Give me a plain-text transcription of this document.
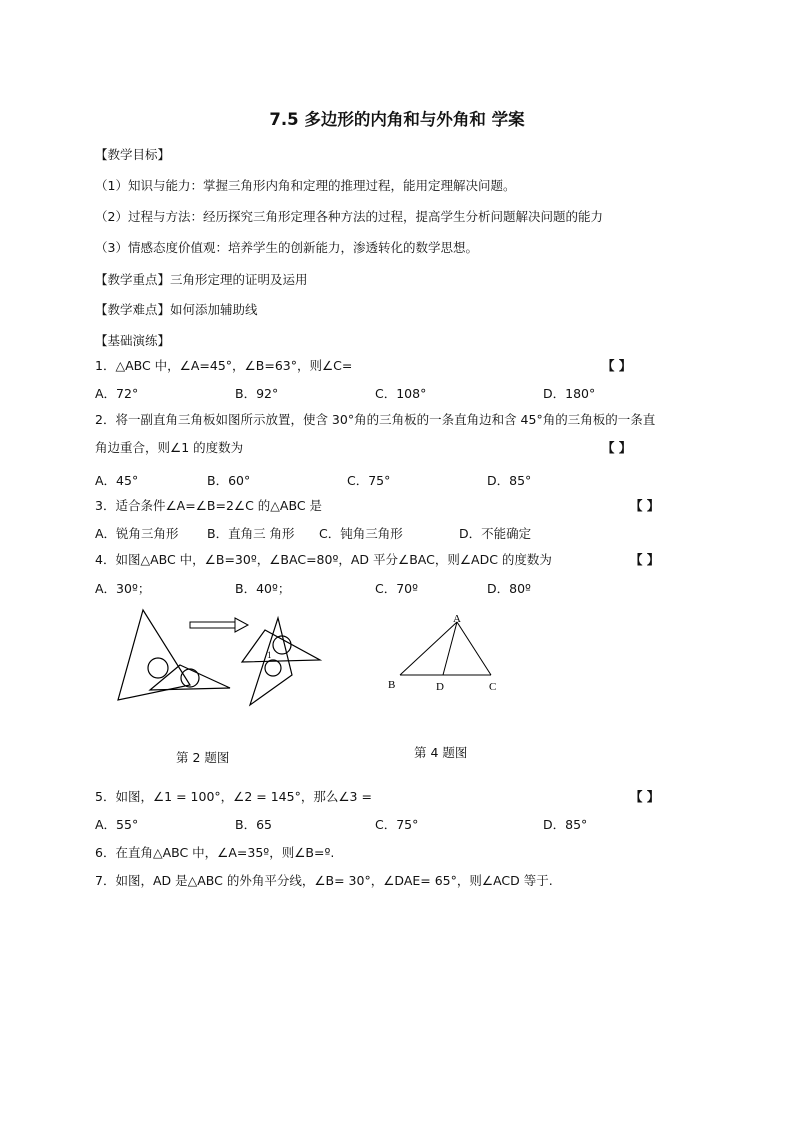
7.5 多边形的内角和与外角和 学案
【教学目标】
（1）知识与能力：掌握三角形内角和定理的推理过程，能用定理解决问题。
（2）过程与方法：经历探究三角形定理各种方法的过程，提高学生分析问题解决问题的能力
（3）情感态度价值观：培养学生的创新能力，渗透转化的数学思想。
【教学重点】三角形定理的证明及运用
【教学难点】如何添加辅助线
【基础演练】
1．△ABC 中，∠A=45°，∠B=63°，则∠C=	【 】
A．72°	B．92°	C．108°	D．180°
2．将一副直角三角板如图所示放置，使含 30°角的三角板的一条直角边和含 45°角的三角板的一条直
角边重合，则∠1 的度数为	【 】
A．45°	B．60°	C．75°	D．85°
3．适合条件∠A=∠B=2∠C 的△ABC 是	【 】
A．锐角三角形 B．直角三 角形 C．钝角三角形	D．不能确定
4．如图△ABC 中，∠B=30º，∠BAC=80º，AD 平分∠BAC，则∠ADC 的度数为	【 】
A．30º；	B．40º；	C．70º	D．80º
1
第 2 题图
A
B	D	C
第 4 题图
5．如图，∠1 = 100°，∠2 = 145°，那么∠3 =	【 】
A．55°	B．65	C．75°	D．85°
6．在直角△ABC 中，∠A=35º，则∠B=º.
7．如图，AD 是△ABC 的外角平分线，∠B= 30°，∠DAE= 65°，则∠ACD 等于.
